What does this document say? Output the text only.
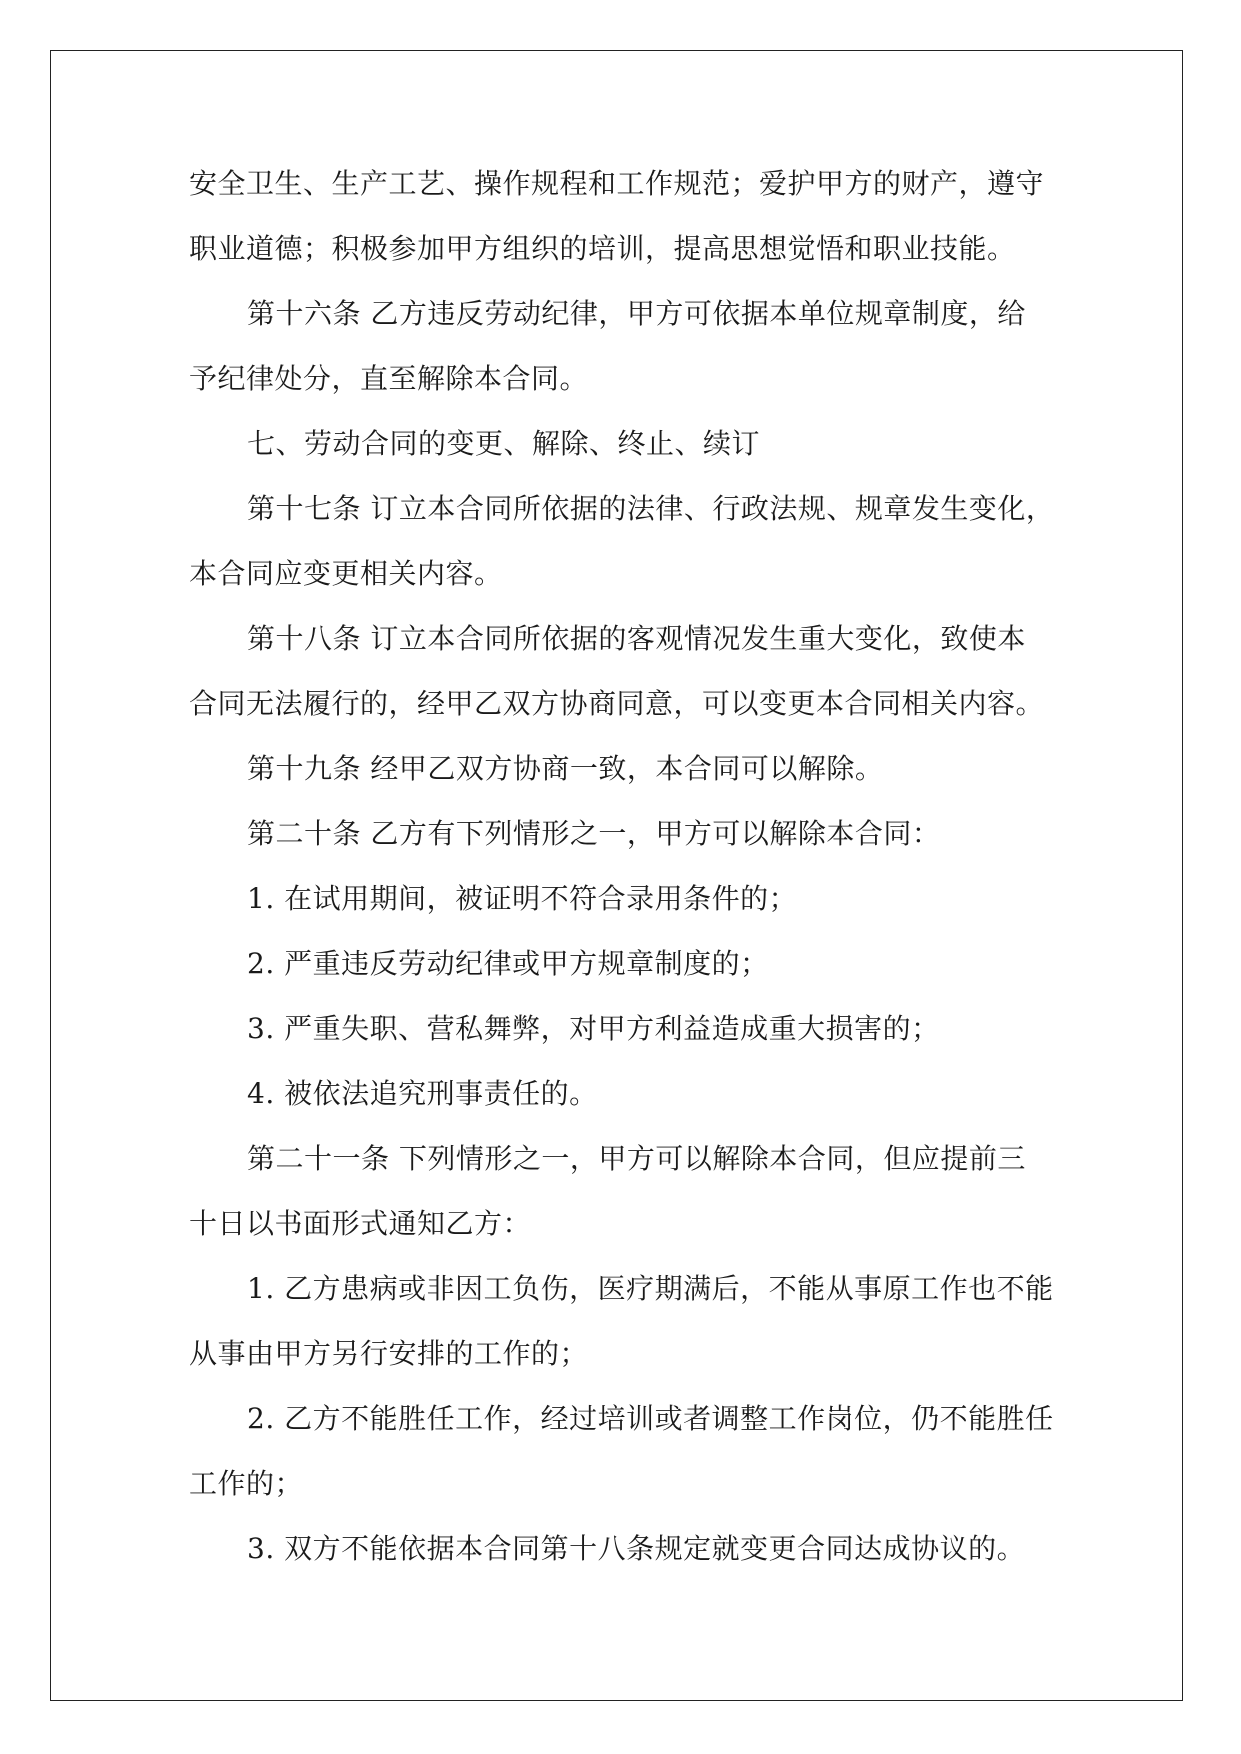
安全卫生、生产工艺、操作规程和工作规范；爱护甲方的财产，遵守
职业道德；积极参加甲方组织的培训，提高思想觉悟和职业技能。
第十六条 乙方违反劳动纪律，甲方可依据本单位规章制度，给
予纪律处分，直至解除本合同。
七、劳动合同的变更、解除、终止、续订
第十七条 订立本合同所依据的法律、行政法规、规章发生变化，
本合同应变更相关内容。
第十八条 订立本合同所依据的客观情况发生重大变化，致使本
合同无法履行的，经甲乙双方协商同意，可以变更本合同相关内容。
第十九条 经甲乙双方协商一致，本合同可以解除。
第二十条 乙方有下列情形之一，甲方可以解除本合同：
1. 在试用期间，被证明不符合录用条件的；
2. 严重违反劳动纪律或甲方规章制度的；
3. 严重失职、营私舞弊，对甲方利益造成重大损害的；
4. 被依法追究刑事责任的。
第二十一条 下列情形之一，甲方可以解除本合同，但应提前三
十日以书面形式通知乙方：
1. 乙方患病或非因工负伤，医疗期满后，不能从事原工作也不能
从事由甲方另行安排的工作的；
2. 乙方不能胜任工作，经过培训或者调整工作岗位，仍不能胜任
工作的；
3. 双方不能依据本合同第十八条规定就变更合同达成协议的。
